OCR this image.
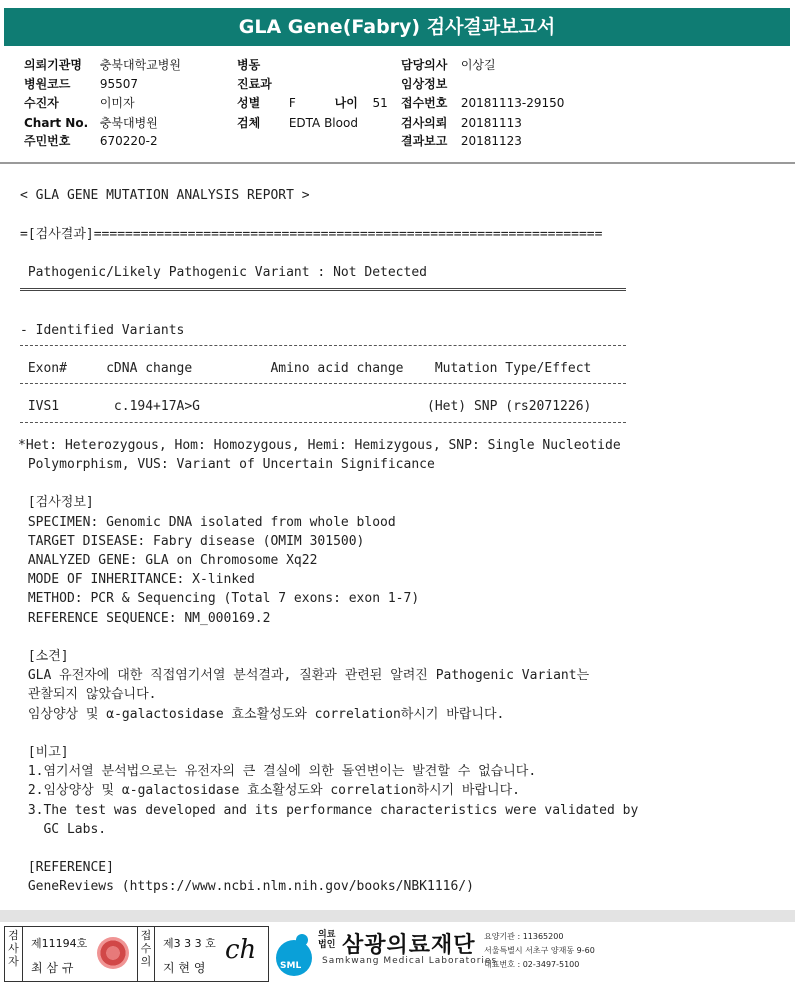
GLA Gene(Fabry) 검사결과보고서
의뢰기관명 충북대학교병원
병원코드 95507
수진자	이미자
Chart No. 충북대병원
주민번호 670220-2
병동
진료과
성별 F	나이 51
검체 EDTA Blood
담당의사 이상길
임상정보
접수번호 20181113-29150
검사의뢰 20181113
결과보고 20181123
< GLA GENE MUTATION ANALYSIS REPORT >
=[검사결과]=================================================================
Pathogenic/Likely Pathogenic Variant : Not Detected
- Identified Variants
Exon#     cDNA change          Amino acid change    Mutation Type/Effect
IVS1       c.194+17A>G                             (Het) SNP (rs2071226)
*Het: Heterozygous, Hom: Homozygous, Hemi: Hemizygous, SNP: Single Nucleotide
Polymorphism, VUS: Variant of Uncertain Significance
[검사정보]
SPECIMEN: Genomic DNA isolated from whole blood
TARGET DISEASE: Fabry disease (OMIM 301500)
ANALYZED GENE: GLA on Chromosome Xq22
MODE OF INHERITANCE: X-linked
METHOD: PCR & Sequencing (Total 7 exons: exon 1-7)
REFERENCE SEQUENCE: NM_000169.2
[소견]
GLA 유전자에 대한 직접염기서열 분석결과, 질환과 관련된 알려진 Pathogenic Variant는
관찰되지 않았습니다.
임상양상 및 α-galactosidase 효소활성도와 correlation하시기 바랍니다.
[비고]
1.염기서열 분석법으로는 유전자의 큰 결실에 의한 돌연변이는 발견할 수 없습니다.
2.임상양상 및 α-galactosidase 효소활성도와 correlation하시기 바랍니다.
3.The test was developed and its performance characteristics were validated by
GC Labs.
[REFERENCE]
GeneReviews (https://www.ncbi.nlm.nih.gov/books/NBK1116/)
검
사
자
제11194호
최 삼 규
접
수
의
제3 3 3 호
지 현 영
ch
SML
의료
법인 삼광의료재단
Samkwang Medical Laboratories
요양기관 : 11365200
서울특별시 서초구 양재동 9-60
대표번호 : 02-3497-5100
